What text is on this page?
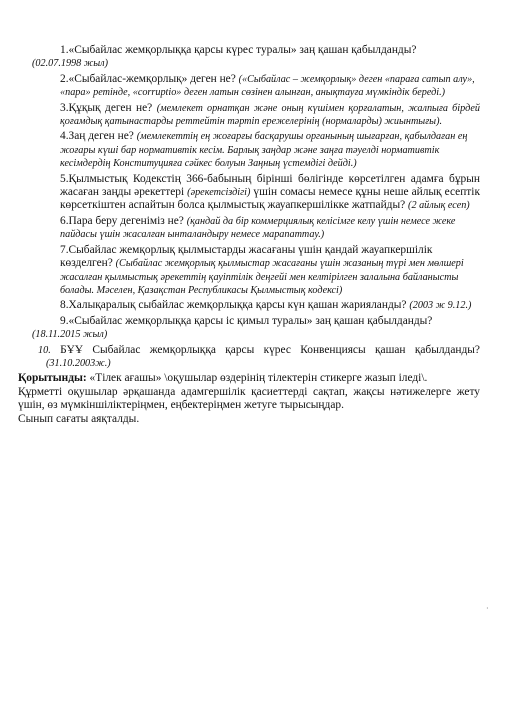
1.«Сыбайлас жемқорлыққа қарсы күрес туралы» заң қашан қабылданды?
(02.07.1998 жыл)
2.«Сыбайлас-жемқорлық» деген не? («Сыбайлас – жемқорлық» деген «параға сатып алу», «пара» ретінде, «corruptio» деген латын сөзінен алынған, анықтауға мүмкіндік береді.)
3.Құқық деген не? (мемлекет орнатқан және оның күшімен қорғалатын, жалпыға бірдей қоғамдық қатынастарды реттейтін тәртіп ережелерінің (нормаларды) жиынтығы).
4.Заң деген не? (мемлекеттің ең жоғарғы басқарушы органының шығарған, қабылдаған ең жоғары күші бар нормативтік кесім. Барлық заңдар және заңға тәуелді нормативтік кесімдердің Конституцияға сәйкес болуын Заңның үстемдігі дейді.)
5.Қылмыстық Кодекстің 366-бабының бірінші бөлігінде көрсетілген адамға бұрын жасаған заңды әрекеттері (әрекетсіздігі) үшін сомасы немесе құны неше айлық есептік көрсеткіштен аспайтын болса қылмыстық жауапкершілікке жатпайды? (2 айлық есеп)
6.Пара беру дегеніміз не? (қандай да бір коммерциялық келісімге келу үшін немесе жеке пайдасы үшін жасалған ынталандыру немесе марапаттау.)
7.Сыбайлас жемқорлық қылмыстарды жасағаны үшін қандай жауапкершілік көзделген? (Сыбайлас жемқорлық қылмыстар жасағаны үшін жазаның түрі мен мөлшері жасалған қылмыстық әрекеттің қауіптілік деңгейі мен келтірілген залалына байланысты болады. Мәселен, Қазақстан Республикасы Қылмыстық кодексі)
8.Халықаралық сыбайлас жемқорлыққа қарсы күн қашан жарияланды? (2003 ж 9.12.)
9.«Сыбайлас жемқорлыққа қарсы іс қимыл туралы» заң қашан қабылданды?
(18.11.2015 жыл)
10. БҰҰ Сыбайлас жемқорлыққа қарсы күрес Конвенциясы қашан қабылданды? (31.10.2003ж.)
Қорытынды: «Тілек ағашы» \оқушылар өздерінің тілектерін стикерге жазып іледі\.
Құрметті оқушылар әрқашанда адамгершілік қасиеттерді сақтап, жақсы нәтижелерге жету үшін, өз мүмкіншіліктеріңмен, еңбектеріңмен жетуге тырысыңдар.
Сынып сағаты аяқталды.
·
